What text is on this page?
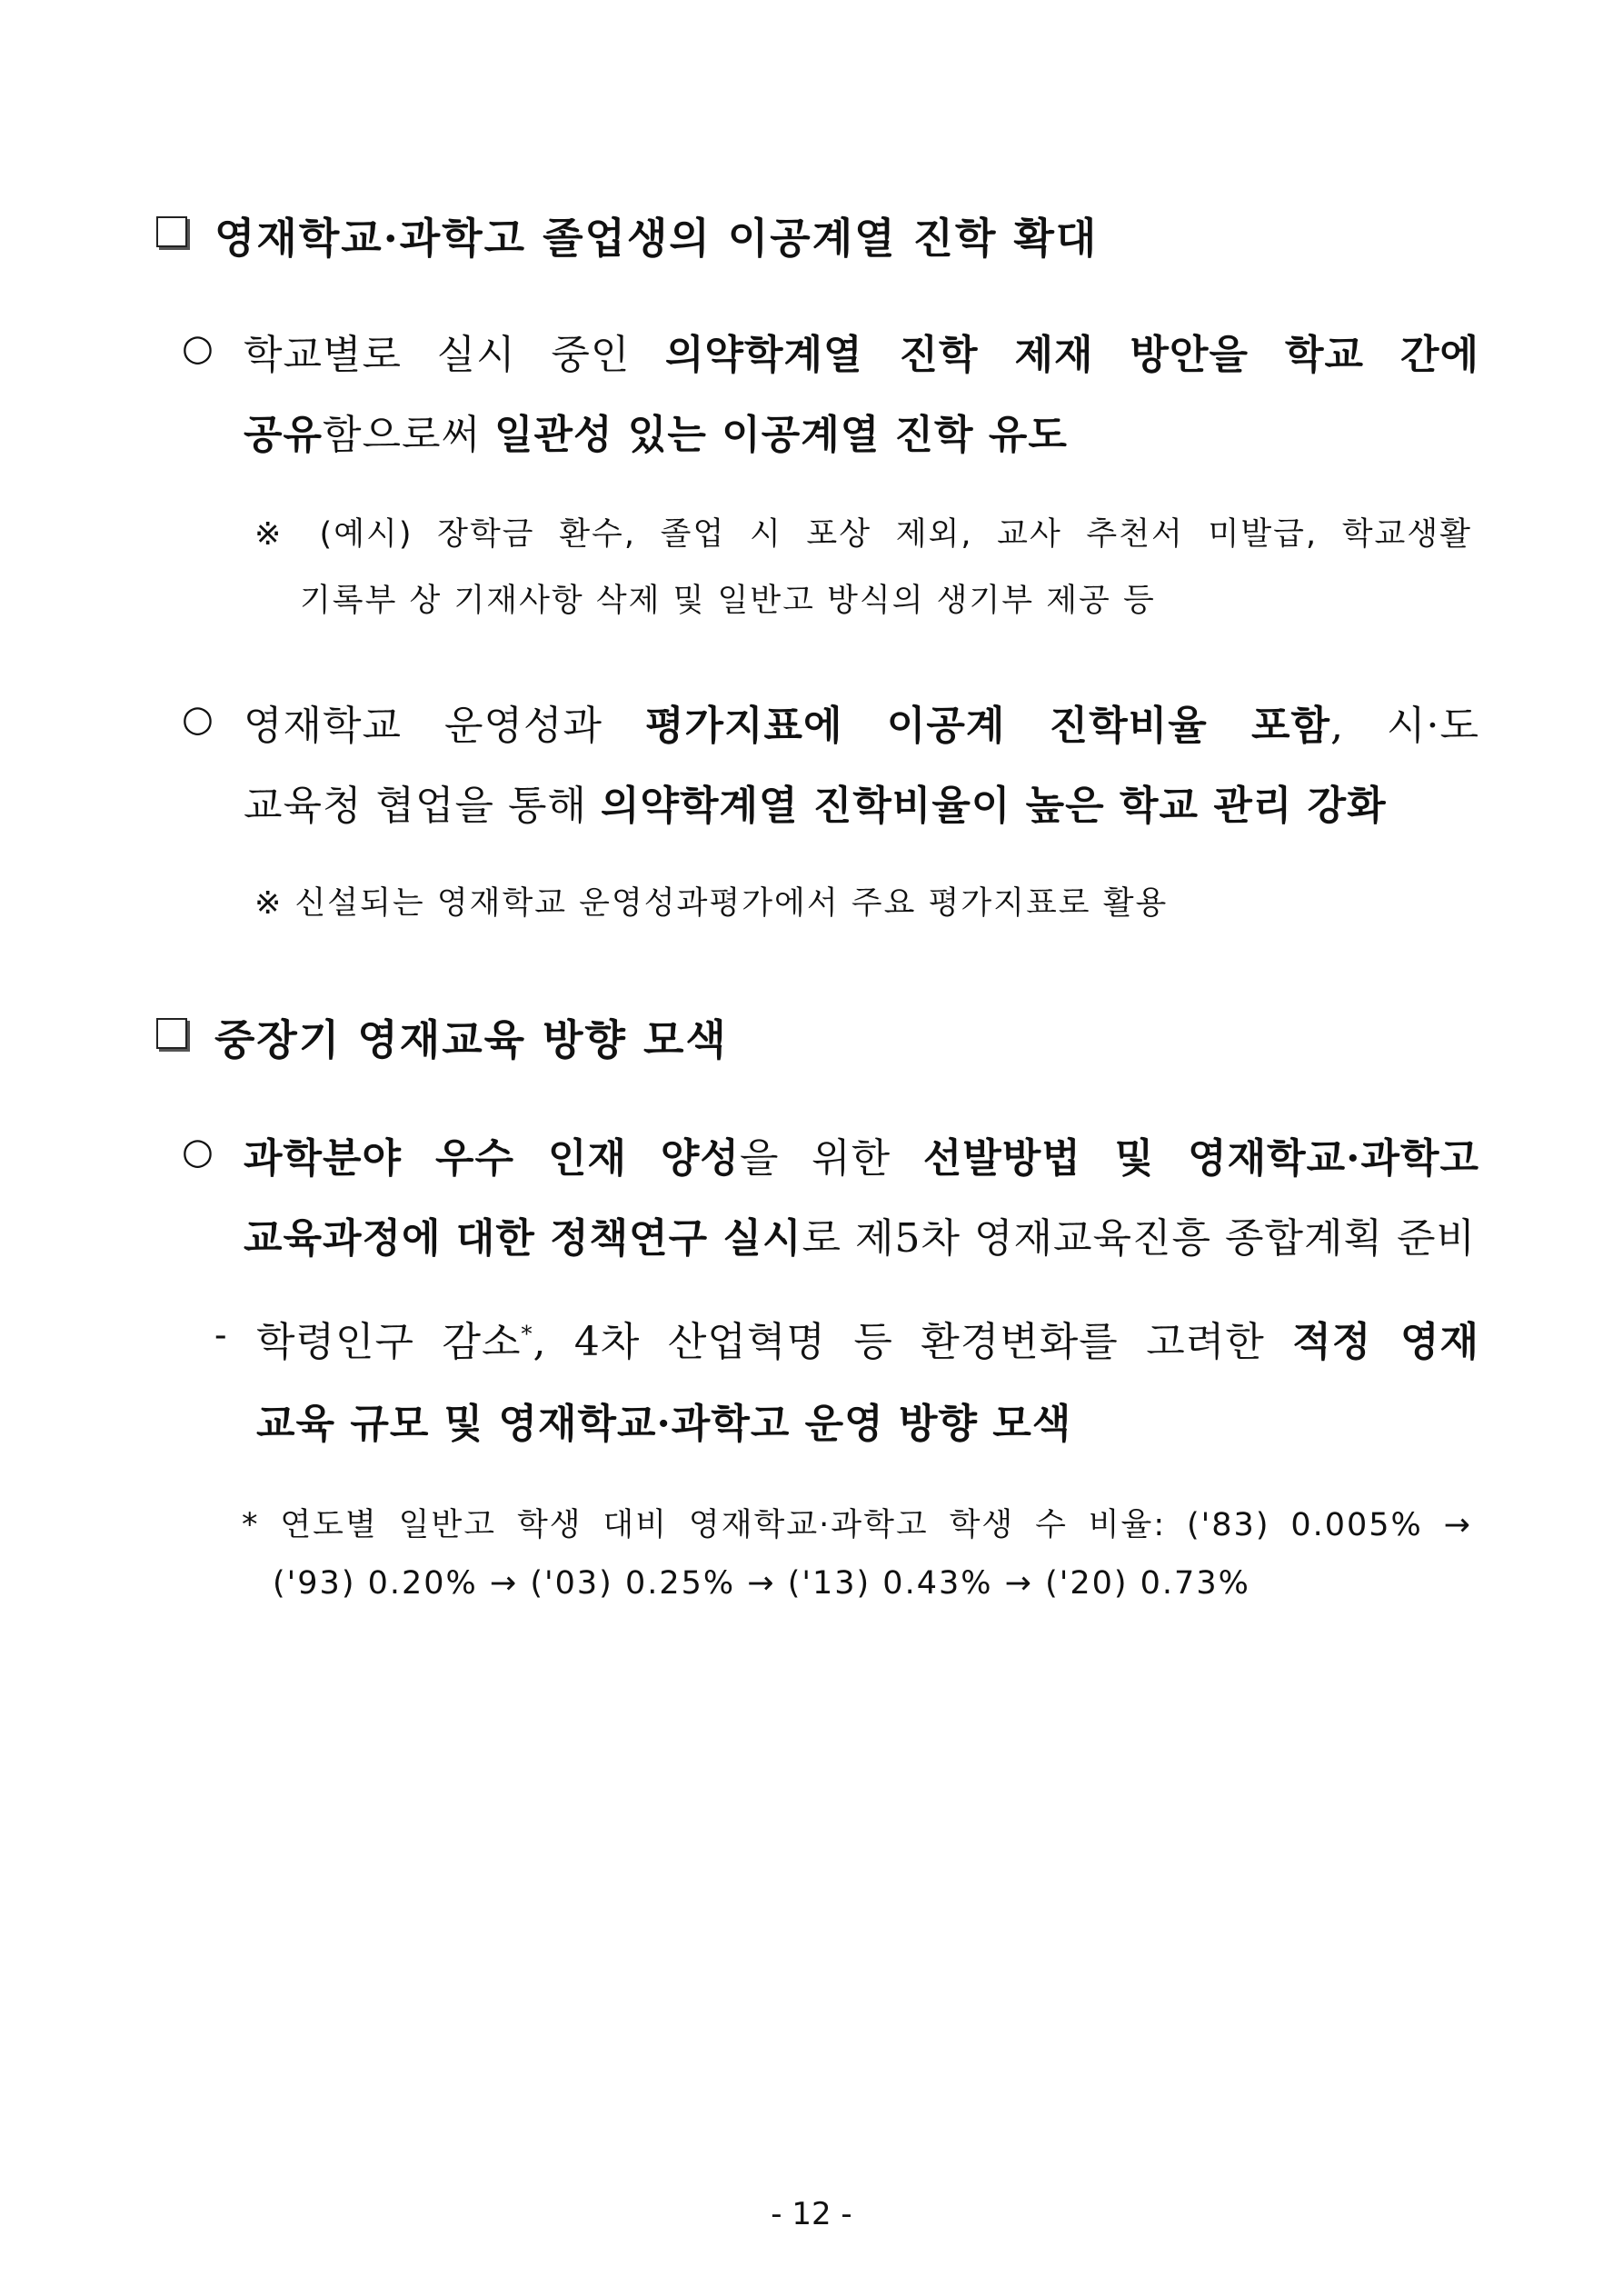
영재학교·과학고 졸업생의 이공계열 진학 확대
○ 학교별로 실시 중인 의약학계열 진학 제재 방안을 학교 간에
공유함으로써 일관성 있는 이공계열 진학 유도
※ (예시) 장학금 환수, 졸업 시 포상 제외, 교사 추천서 미발급, 학교생활
기록부 상 기재사항 삭제 및 일반고 방식의 생기부 제공 등
○ 영재학교 운영성과 평가지표에 이공계 진학비율 포함, 시·도
교육청 협업을 통해 의약학계열 진학비율이 높은 학교 관리 강화
※ 신설되는 영재학교 운영성과평가에서 주요 평가지표로 활용
중장기 영재교육 방향 모색
○ 과학분야 우수 인재 양성을 위한 선발방법 및 영재학교·과학고
교육과정에 대한 정책연구 실시로 제5차 영재교육진흥 종합계획 준비
- 학령인구 감소*, 4차 산업혁명 등 환경변화를 고려한 적정 영재
교육 규모 및 영재학교·과학고 운영 방향 모색
* 연도별 일반고 학생 대비 영재학교·과학고 학생 수 비율: ('83) 0.005% →
('93) 0.20% → ('03) 0.25% → ('13) 0.43% → ('20) 0.73%
- 12 -
